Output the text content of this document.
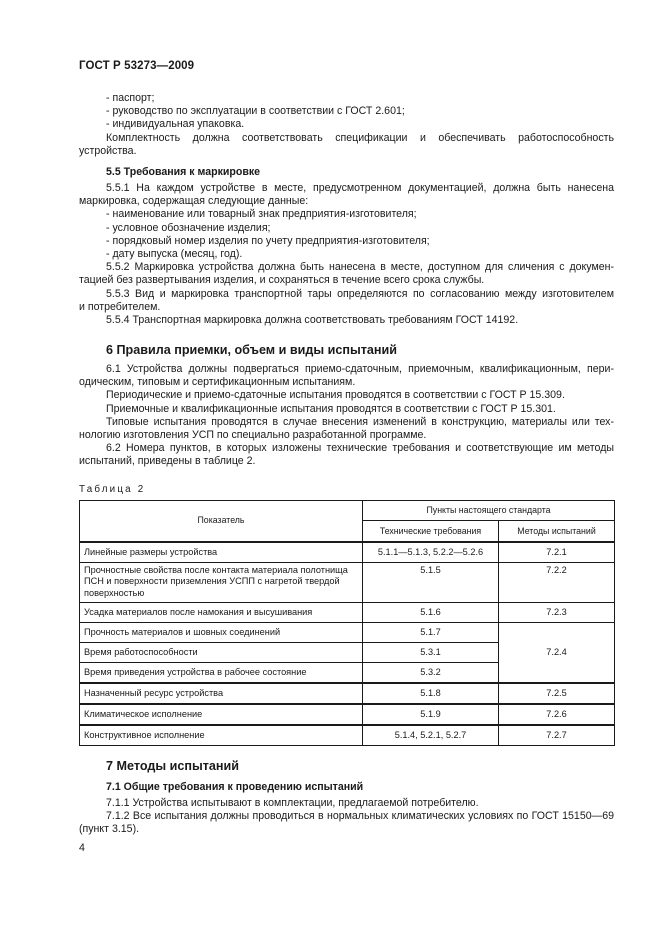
ГОСТ Р 53273—2009

- паспорт;

- руководство по эксплуатации в соответствии с ГОСТ 2.601;

- индивидуальная упаковка.

Комплектность должна соответствовать спецификации и обеспечивать работоспособность

устройства.

5.5 Требования к маркировке

5.5.1 На каждом устройстве в месте, предусмотренном документацией, должна быть нанесена

маркировка, содержащая следующие данные:

- наименование или товарный знак предприятия-изготовителя;

- условное обозначение изделия;

- порядковый номер изделия по учету предприятия-изготовителя;

- дату выпуска (месяц, год).

5.5.2 Маркировка устройства должна быть нанесена в месте, доступном для сличения с докумен-

тацией без развертывания изделия, и сохраняться в течение всего срока службы.

5.5.3 Вид и маркировка транспортной тары определяются по согласованию между изготовителем

и потребителем.

5.5.4 Транспортная маркировка должна соответствовать требованиям ГОСТ 14192.

6 Правила приемки, объем и виды испытаний

6.1 Устройства должны подвергаться приемо-сдаточным, приемочным, квалификационным, пери-

одическим, типовым и сертификационным испытаниям.

Периодические и приемо-сдаточные испытания проводятся в соответствии с ГОСТ Р 15.309.

Приемочные и квалификационные испытания проводятся в соответствии с ГОСТ Р 15.301.

Типовые испытания проводятся в случае внесения изменений в конструкцию, материалы или тех-

нологию изготовления УСП по специально разработанной программе.

6.2 Номера пунктов, в которых изложены технические требования и соответствующие им методы

испытаний, приведены в таблице 2.

Таблица 2
Показатель	Пункты настоящего стандарта	
	Технические требования	Методы испытаний
Линейные размеры устройства	5.1.1—5.1.3, 5.2.2—5.2.6	7.2.1
Прочностные свойства после контакта материала полотнища ПСН и поверхности приземления УСПП с нагретой твердой поверхностью	5.1.5	7.2.2
Усадка материалов после намокания и высушивания	5.1.6	7.2.3
Прочность материалов и шовных соединений	5.1.7	7.2.4
Время работоспособности	5.3.1	
Время приведения устройства в рабочее состояние	5.3.2	
Назначенный ресурс устройства	5.1.8	7.2.5
Климатическое исполнение	5.1.9	7.2.6
Конструктивное исполнение	5.1.4, 5.2.1, 5.2.7	7.2.7
7 Методы испытаний
7.1 Общие требования к проведению испытаний

7.1.1 Устройства испытывают в комплектации, предлагаемой потребителю.

7.1.2 Все испытания должны проводиться в нормальных климатических условиях по ГОСТ 15150—69

(пункт 3.15).

4
